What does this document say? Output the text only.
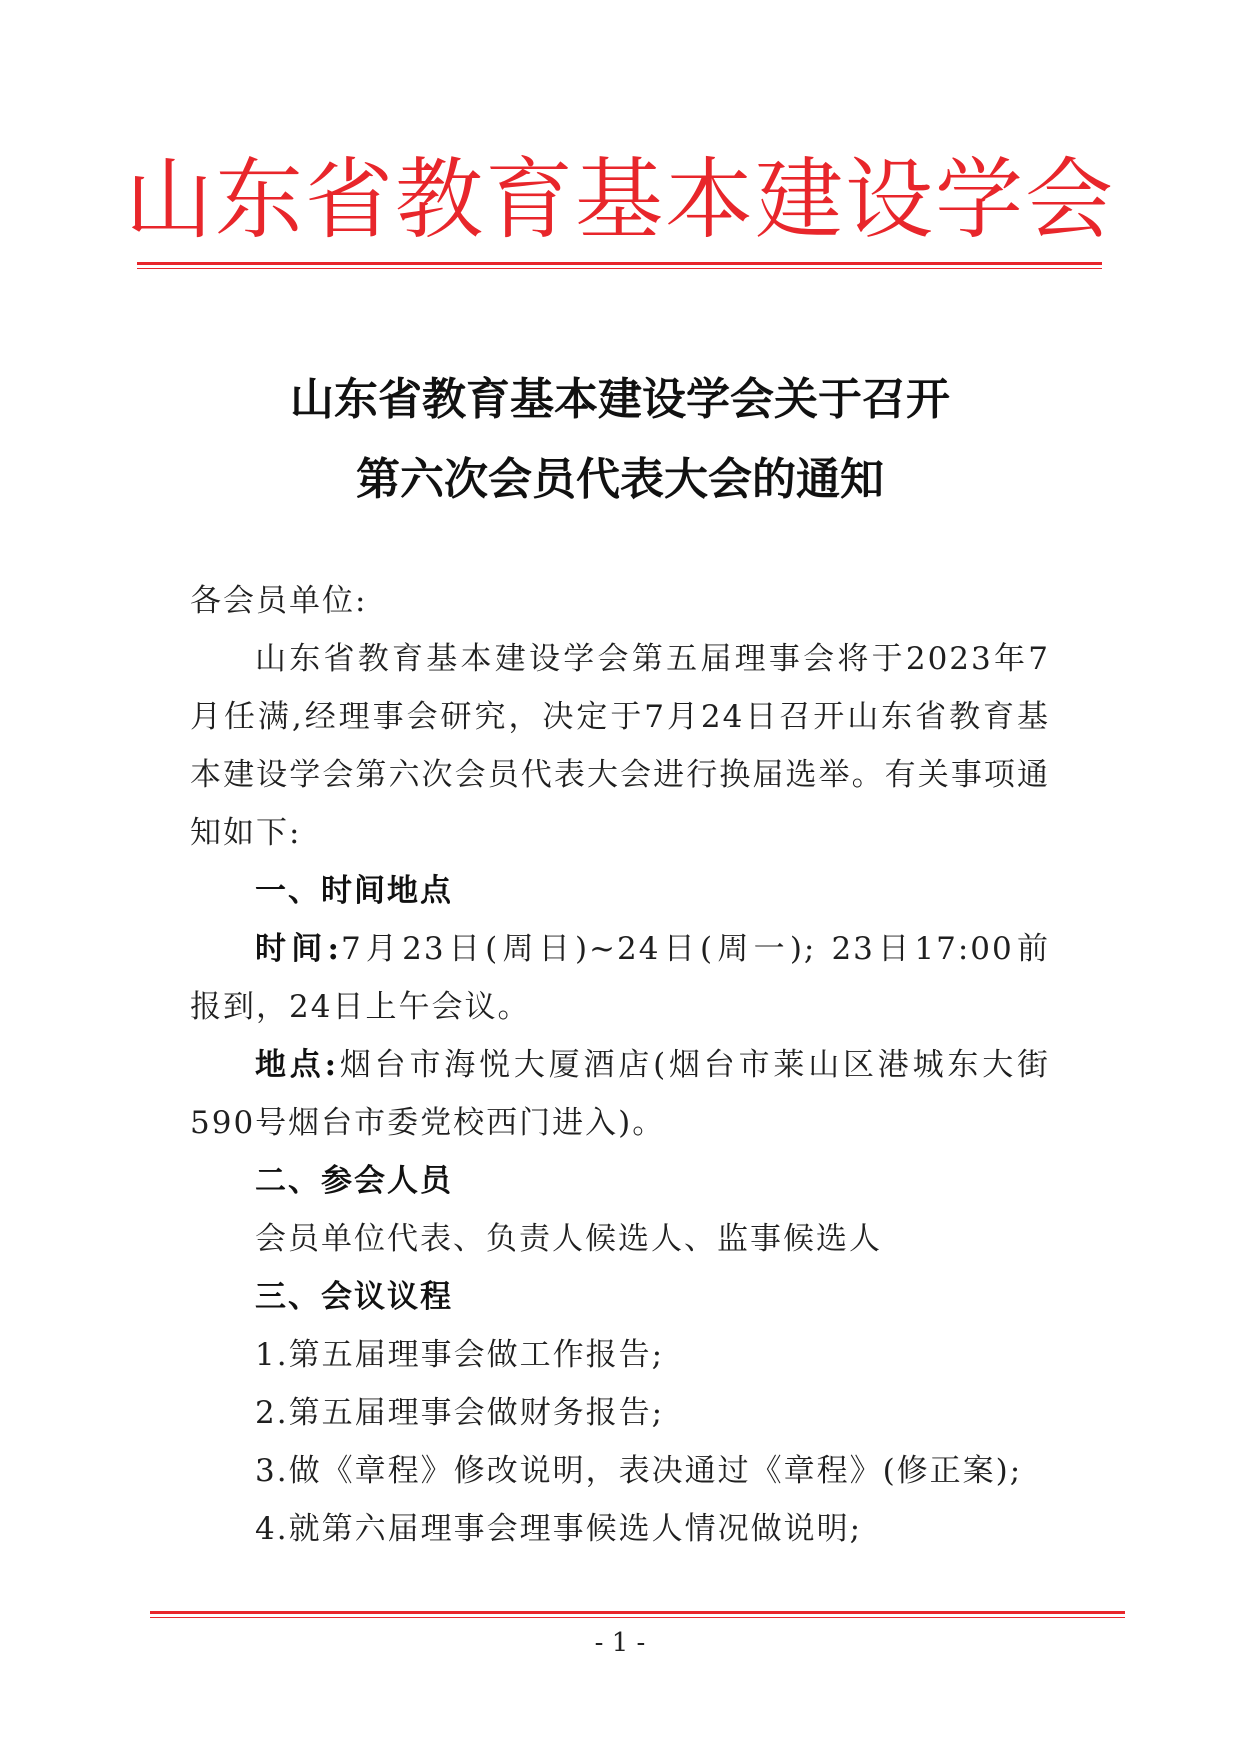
山东省教育基本建设学会
山东省教育基本建设学会关于召开
第六次会员代表大会的通知
各会员单位:
山东省教育基本建设学会第五届理事会将于2023年7
月任满,经理事会研究，决定于7月24日召开山东省教育基
本建设学会第六次会员代表大会进行换届选举。有关事项通
知如下:
一、时间地点
时间:7月23日(周日)~24日(周一); 23日17:00前
报到，24日上午会议。
地点:烟台市海悦大厦酒店(烟台市莱山区港城东大街
590号烟台市委党校西门进入)。
二、参会人员
会员单位代表、负责人候选人、监事候选人
三、会议议程
1.第五届理事会做工作报告;
2.第五届理事会做财务报告;
3.做《章程》修改说明，表决通过《章程》(修正案);
4.就第六届理事会理事候选人情况做说明;
- 1 -
